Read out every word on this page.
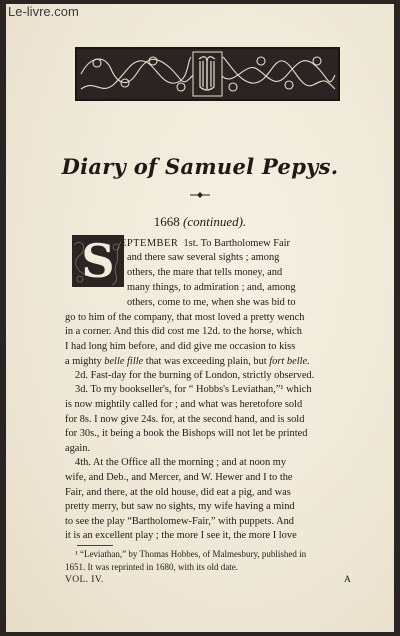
Le-livre.com
Diary of Samuel Pepys.
1668 (continued).
S EPTEMBER 1st. To Bartholomew Fair
and there saw several sights ; among
others, the mare that tells money, and
many things, to admiration ; and, among
others, come to me, when she was bid to
go to him of the company, that most loved a pretty wench
in a corner. And this did cost me 12d. to the horse, which
I had long him before, and did give me occasion to kiss
a mighty belle fille that was exceeding plain, but fort belle.
2d. Fast-day for the burning of London, strictly observed.
3d. To my bookseller's, for “ Hobbs's Leviathan,”¹ which
is now mightily called for ; and what was heretofore sold
for 8s. I now give 24s. for, at the second hand, and is sold
for 30s., it being a book the Bishops will not let be printed
again.
4th. At the Office all the morning ; and at noon my
wife, and Deb., and Mercer, and W. Hewer and I to the
Fair, and there, at the old house, did eat a pig, and was
pretty merry, but saw no sights, my wife having a mind
to see the play “Bartholomew-Fair,” with puppets. And
it is an excellent play ; the more I see it, the more I love
¹ “Leviathan,” by Thomas Hobbes, of Malmesbury, published in
1651. It was reprinted in 1680, with its old date.
VOL. IV.	A
